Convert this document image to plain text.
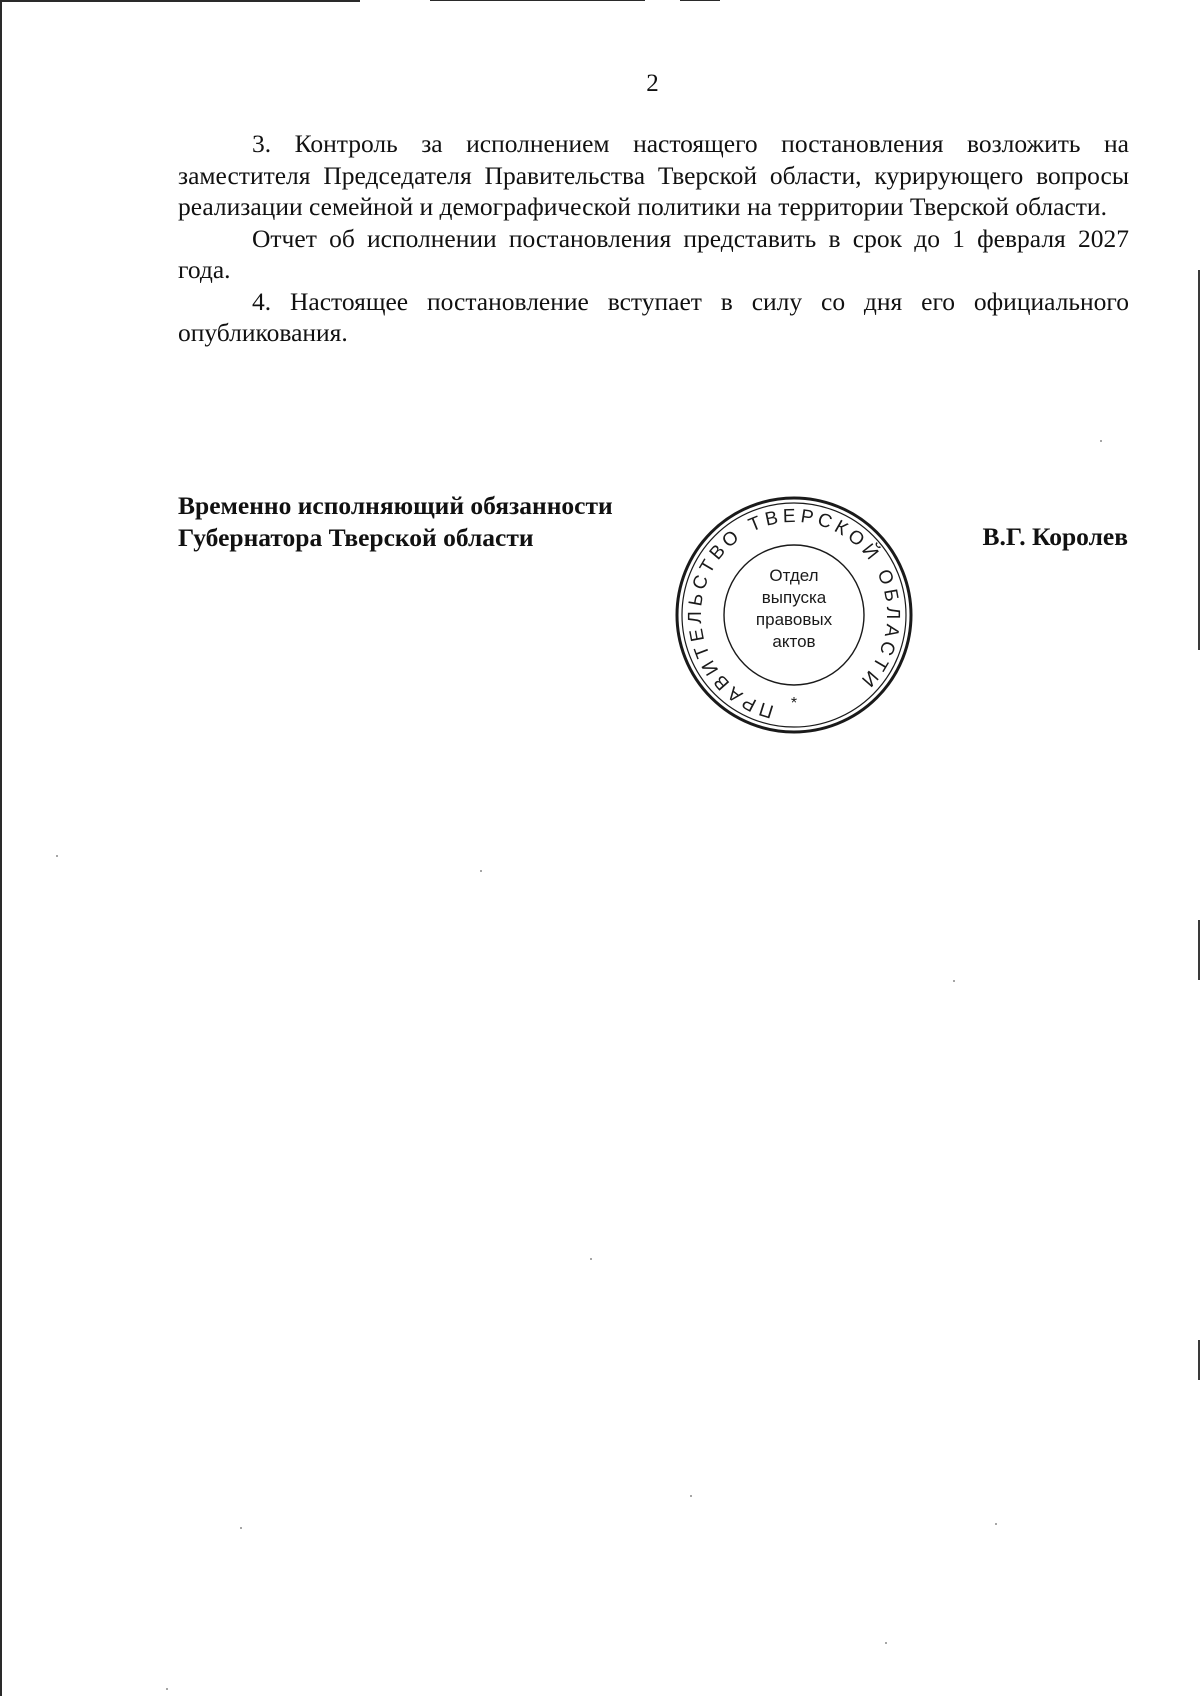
2

3. Контроль за исполнением настоящего постановления возложить на заместителя Председателя Правительства Тверской области, курирующего вопросы реализации семейной и демографической политики на территории Тверской области.

Отчет об исполнении постановления представить в срок до 1 февраля 2027 года.

4. Настоящее постановление вступает в силу со дня его официального опубликования.

Временно исполняющий обязанности
Губернатора Тверской области	В.Г. Королев
ПРАВИТЕЛЬСТВО ТВЕРСКОЙ ОБЛАСТИ
*
Отдел
выпуска
правовых
актов
